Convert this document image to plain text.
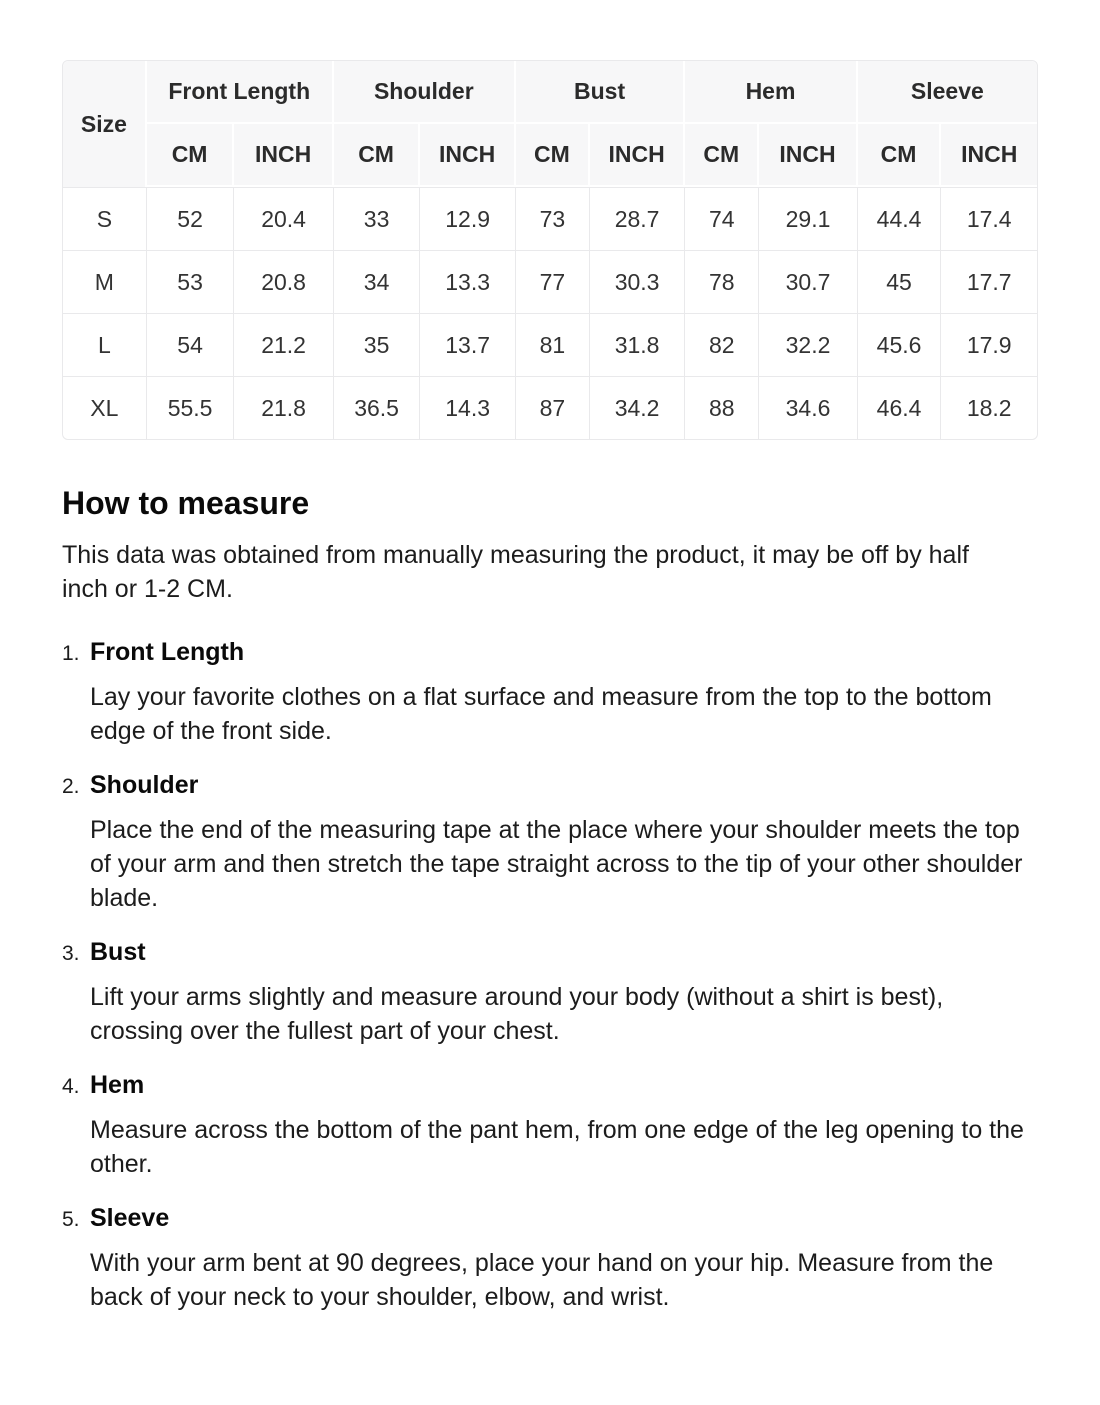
Size	Front Length		Shoulder		Bust		Hem		Sleeve	
	CM	INCH	CM	INCH	CM	INCH	CM	INCH	CM	INCH
S	52	20.4	33	12.9	73	28.7	74	29.1	44.4	17.4
M	53	20.8	34	13.3	77	30.3	78	30.7	45	17.7
L	54	21.2	35	13.7	81	31.8	82	32.2	45.6	17.9
XL	55.5	21.8	36.5	14.3	87	34.2	88	34.6	46.4	18.2
How to measure

This data was obtained from manually measuring the product, it may be off by half inch or 1-2 CM.

1. Front Length

Lay your favorite clothes on a flat surface and measure from the top to the bottom edge of the front side.

2. Shoulder

Place the end of the measuring tape at the place where your shoulder meets the top of your arm and then stretch the tape straight across to the tip of your other shoulder blade.

3. Bust

Lift your arms slightly and measure around your body (without a shirt is best), crossing over the fullest part of your chest.

4. Hem

Measure across the bottom of the pant hem, from one edge of the leg opening to the other.

5. Sleeve

With your arm bent at 90 degrees, place your hand on your hip. Measure from the back of your neck to your shoulder, elbow, and wrist.
